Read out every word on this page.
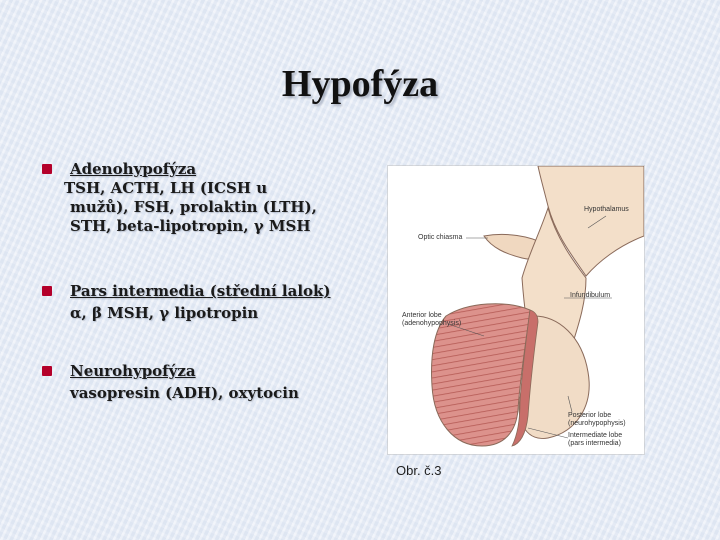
Hypofýza
Adenohypofýza
TSH, ACTH, LH (ICSH u
mužů), FSH, prolaktin (LTH),
STH, beta-lipotropin, γ MSH
Pars intermedia (střední lalok)
α, β MSH, γ lipotropin
Neurohypofýza
vasopresin (ADH), oxytocin
Hypothalamus
Optic chiasma
Infundibulum
Anterior lobe
(adenohypophysis)
Posterior lobe
(neurohypophysis)
Intermediate lobe
(pars intermedia)
Obr. č.3
